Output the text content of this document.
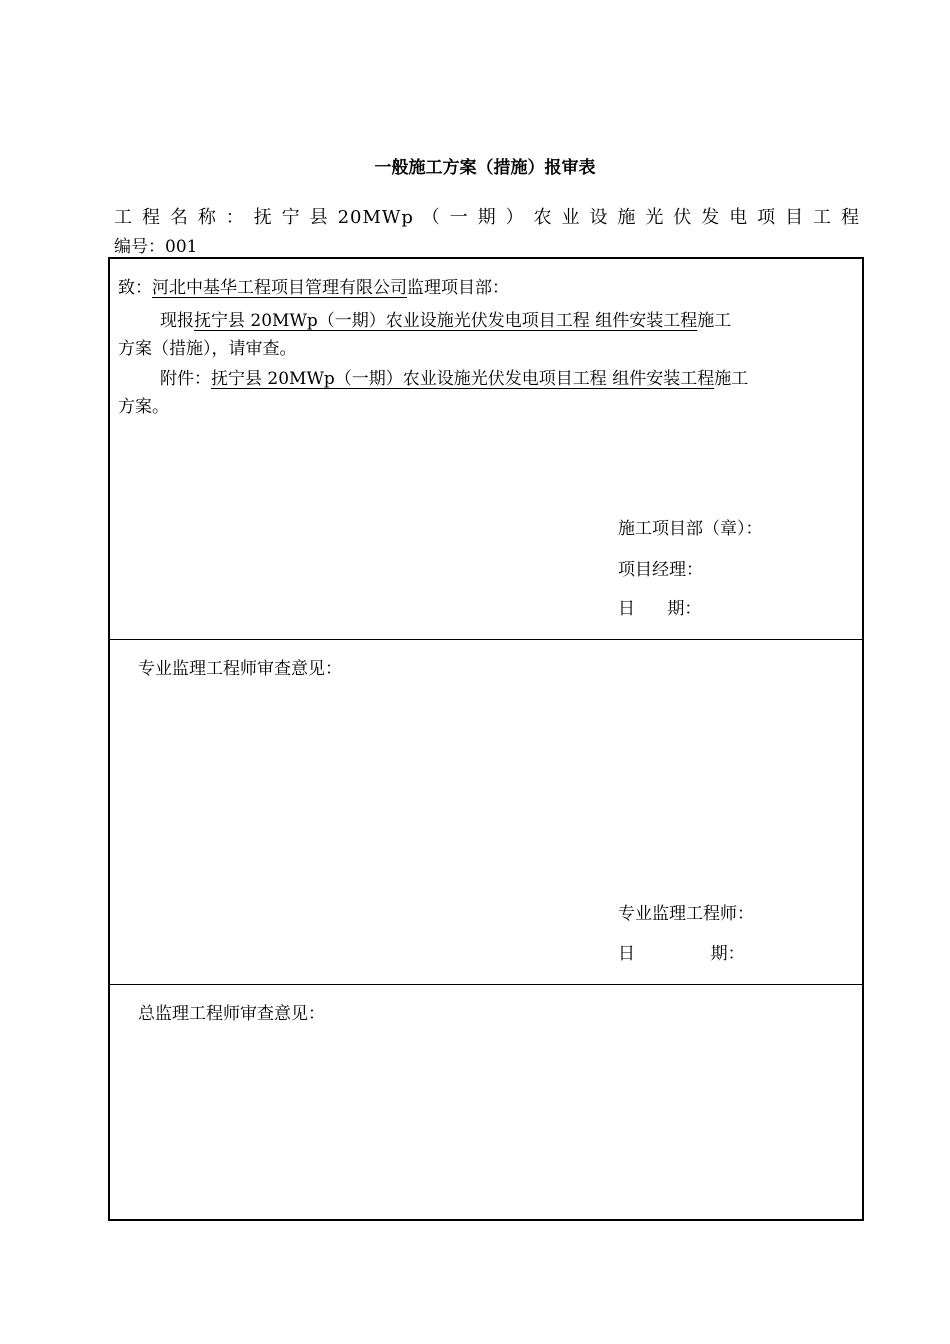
一般施工方案（措施）报审表
工 程 名 称 ： 抚 宁 县 20MWp （ 一 期 ） 农 业 设 施 光 伏 发 电 项 目 工 程
编号：001
致：河北中基华工程项目管理有限公司监理项目部：
现报抚宁县 20MWp（一期）农业设施光伏发电项目工程 组件安装工程施工
方案（措施），请审查。
附件：抚宁县 20MWp（一期）农业设施光伏发电项目工程 组件安装工程施工
方案。
施工项目部（章）：
项目经理：
日      期：
专业监理工程师审查意见：
专业监理工程师：
日              期：
总监理工程师审查意见：
